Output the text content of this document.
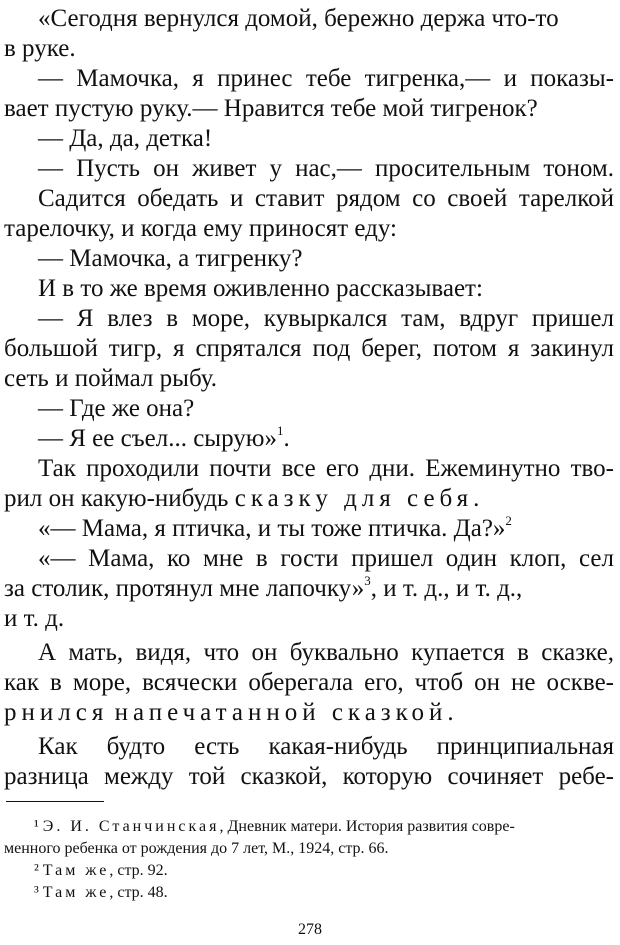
«Сегодня вернулся домой, бережно держа что-то
в руке.
— Мамочка, я принес тебе тигренка,— и показы-
вает пустую руку.— Нравится тебе мой тигренок?
— Да, да, детка!
— Пусть он живет у нас,— просительным тоном.
Садится обедать и ставит рядом со своей тарелкой
тарелочку, и когда ему приносят еду:
— Мамочка, а тигренку?
И в то же время оживленно рассказывает:
— Я влез в море, кувыркался там, вдруг пришел
большой тигр, я спрятался под берег, потом я закинул
сеть и поймал рыбу.
— Где же она?
— Я ее съел... сырую»$^1$.
Так проходили почти все его дни. Ежеминутно тво-
рил он какую-нибудь сказку для себя.
«— Мама, я птичка, и ты тоже птичка. Да?»$^2$
«— Мама, ко мне в гости пришел один клоп, сел
за столик, протянул мне лапочку»$^3$, и т. д., и т. д.,
и т. д.
А мать, видя, что он буквально купается в сказке,
как в море, всячески оберегала его, чтоб он не оскве-
рнился напечатанной сказкой.
Как будто есть какая-нибудь принципиальная
разница между той сказкой, которую сочиняет ребе-
¹ Э. И. Станчинская, Дневник матери. История развития совре-
менного ребенка от рождения до 7 лет, М., 1924, стр. 66.
² Там же, стр. 92.
³ Там же, стр. 48.
278
